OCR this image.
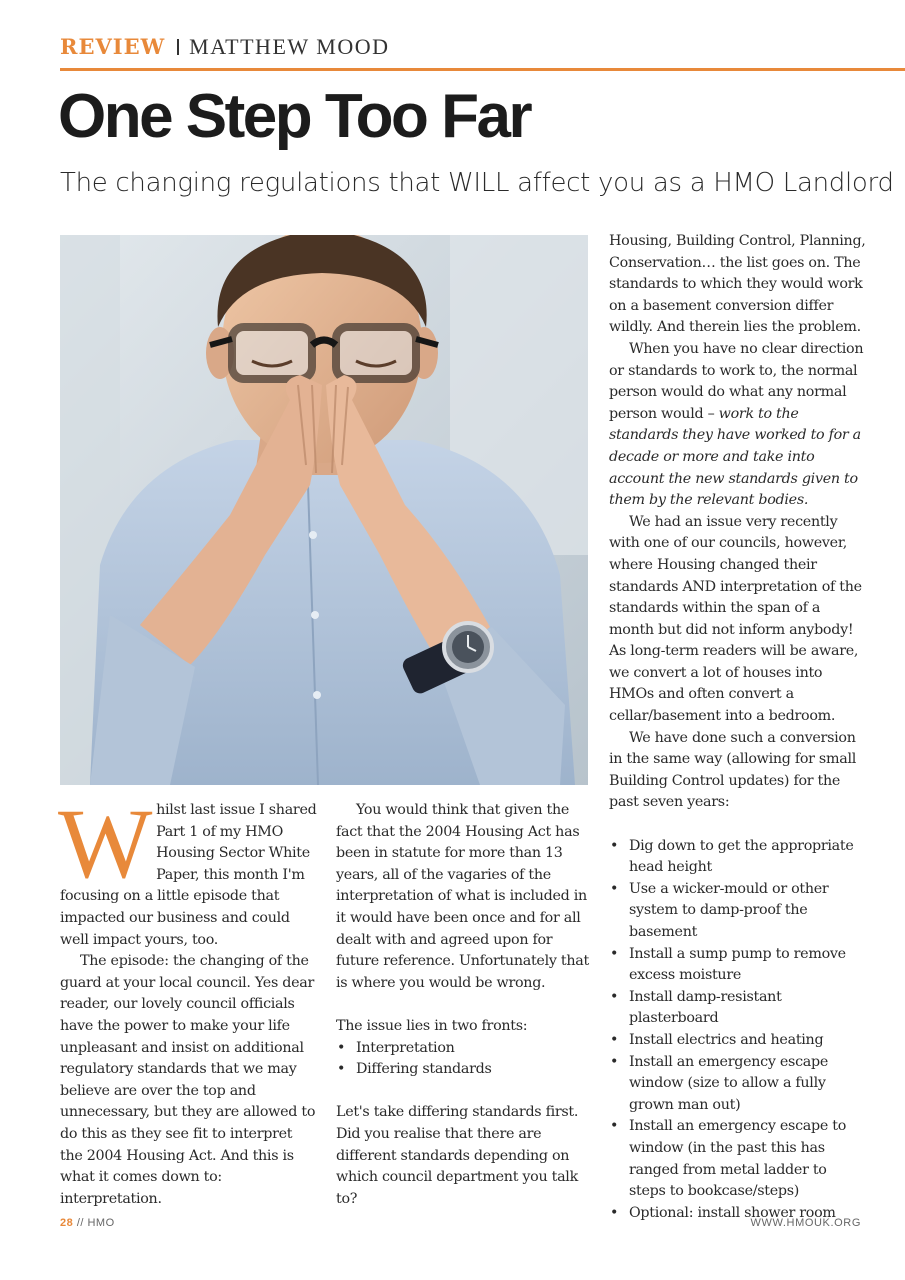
REVIEW MATTHEW MOOD
One Step Too Far
The changing regulations that WILL affect you as a HMO Landlord
W hilst last issue I shared Part 1 of my HMO Housing Sector White Paper, this month I'm focusing on a little episode that impacted our business and could well impact yours, too.

The episode: the changing of the guard at your local council. Yes dear reader, our lovely council officials have the power to make your life unpleasant and insist on additional regulatory standards that we may believe are over the top and unnecessary, but they are allowed to do this as they see fit to interpret the 2004 Housing Act. And this is what it comes down to: interpretation.

You would think that given the fact that the 2004 Housing Act has been in statute for more than 13 years, all of the vagaries of the interpretation of what is included in it would have been once and for all dealt with and agreed upon for future reference. Unfortunately that is where you would be wrong.

The issue lies in two fronts:

• Interpretation
• Differing standards

Let's take differing standards first. Did you realise that there are different standards depending on which council department you talk to?

Housing, Building Control, Planning, Conservation… the list goes on. The standards to which they would work on a basement conversion differ wildly. And therein lies the problem.

When you have no clear direction or standards to work to, the normal person would do what any normal person would – work to the standards they have worked to for a decade or more and take into account the new standards given to them by the relevant bodies.

We had an issue very recently with one of our councils, however, where Housing changed their standards AND interpretation of the standards within the span of a month but did not inform anybody! As long-term readers will be aware, we convert a lot of houses into HMOs and often convert a cellar/basement into a bedroom.

We have done such a conversion in the same way (allowing for small Building Control updates) for the past seven years:

• Dig down to get the appropriate head height
• Use a wicker-mould or other system to damp-proof the basement
• Install a sump pump to remove excess moisture
• Install damp-resistant plasterboard
• Install electrics and heating
• Install an emergency escape window (size to allow a fully grown man out)
• Install an emergency escape to window (in the past this has ranged from metal ladder to steps to bookcase/steps)
• Optional: install shower room
28 // HMO	WWW.HMOUK.ORG
